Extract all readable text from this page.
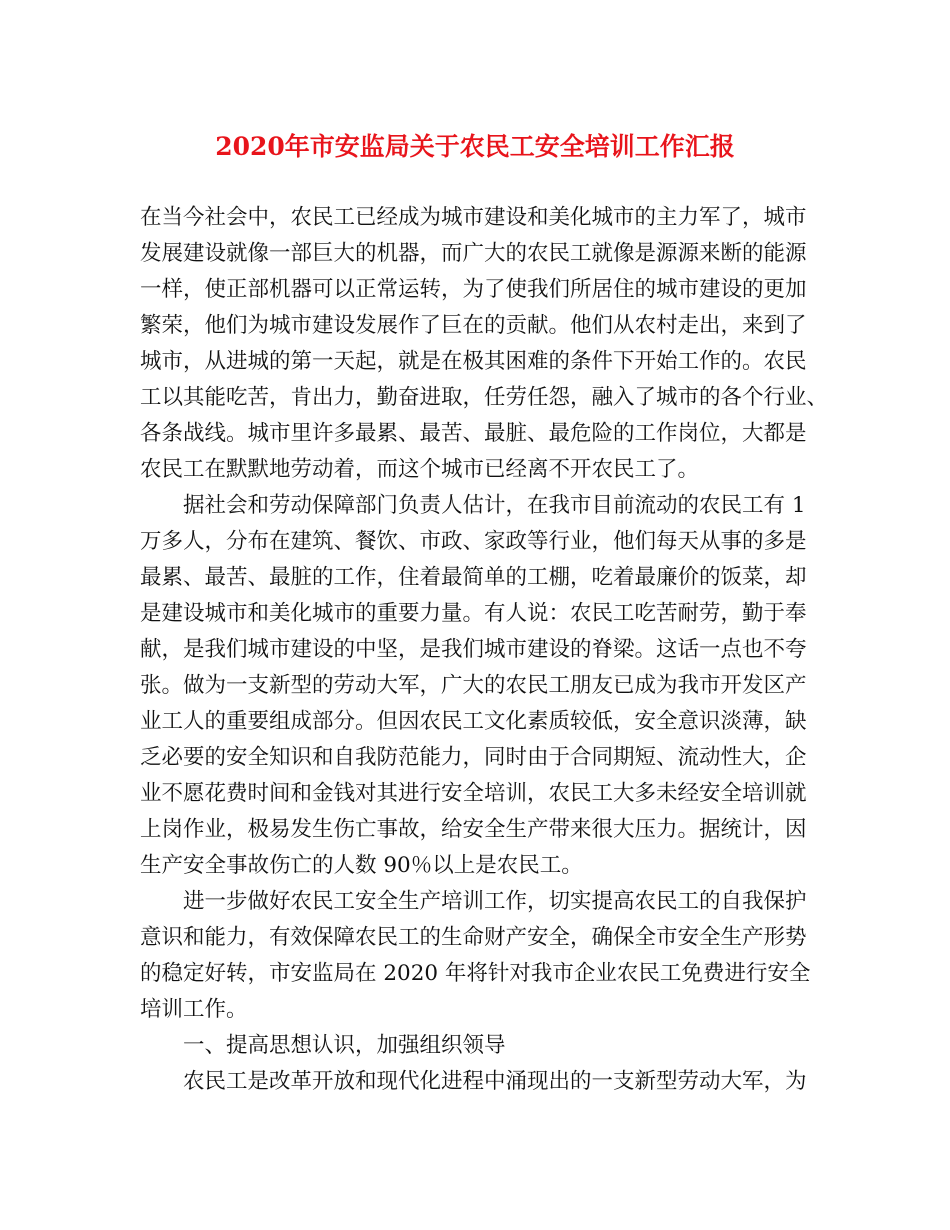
2020年市安监局关于农民工安全培训工作汇报

在当今社会中，农民工已经成为城市建设和美化城市的主力军了，城市

发展建设就像一部巨大的机器，而广大的农民工就像是源源来断的能源

一样，使正部机器可以正常运转，为了使我们所居住的城市建设的更加

繁荣，他们为城市建设发展作了巨在的贡献。他们从农村走出，来到了

城市，从进城的第一天起，就是在极其困难的条件下开始工作的。农民

工以其能吃苦，肯出力，勤奋进取，任劳任怨，融入了城市的各个行业、

各条战线。城市里许多最累、最苦、最脏、最危险的工作岗位，大都是

农民工在默默地劳动着，而这个城市已经离不开农民工了。

　　据社会和劳动保障部门负责人估计，在我市目前流动的农民工有 1

万多人，分布在建筑、餐饮、市政、家政等行业，他们每天从事的多是

最累、最苦、最脏的工作，住着最简单的工棚，吃着最廉价的饭菜，却

是建设城市和美化城市的重要力量。有人说：农民工吃苦耐劳，勤于奉

献，是我们城市建设的中坚，是我们城市建设的脊梁。这话一点也不夸

张。做为一支新型的劳动大军，广大的农民工朋友已成为我市开发区产

业工人的重要组成部分。但因农民工文化素质较低，安全意识淡薄，缺

乏必要的安全知识和自我防范能力，同时由于合同期短、流动性大，企

业不愿花费时间和金钱对其进行安全培训，农民工大多未经安全培训就

上岗作业，极易发生伤亡事故，给安全生产带来很大压力。据统计，因

生产安全事故伤亡的人数 90％以上是农民工。

　　进一步做好农民工安全生产培训工作，切实提高农民工的自我保护

意识和能力，有效保障农民工的生命财产安全，确保全市安全生产形势

的稳定好转，市安监局在 2020 年将针对我市企业农民工免费进行安全

培训工作。

　　一、提高思想认识，加强组织领导

　　农民工是改革开放和现代化进程中涌现出的一支新型劳动大军，为
